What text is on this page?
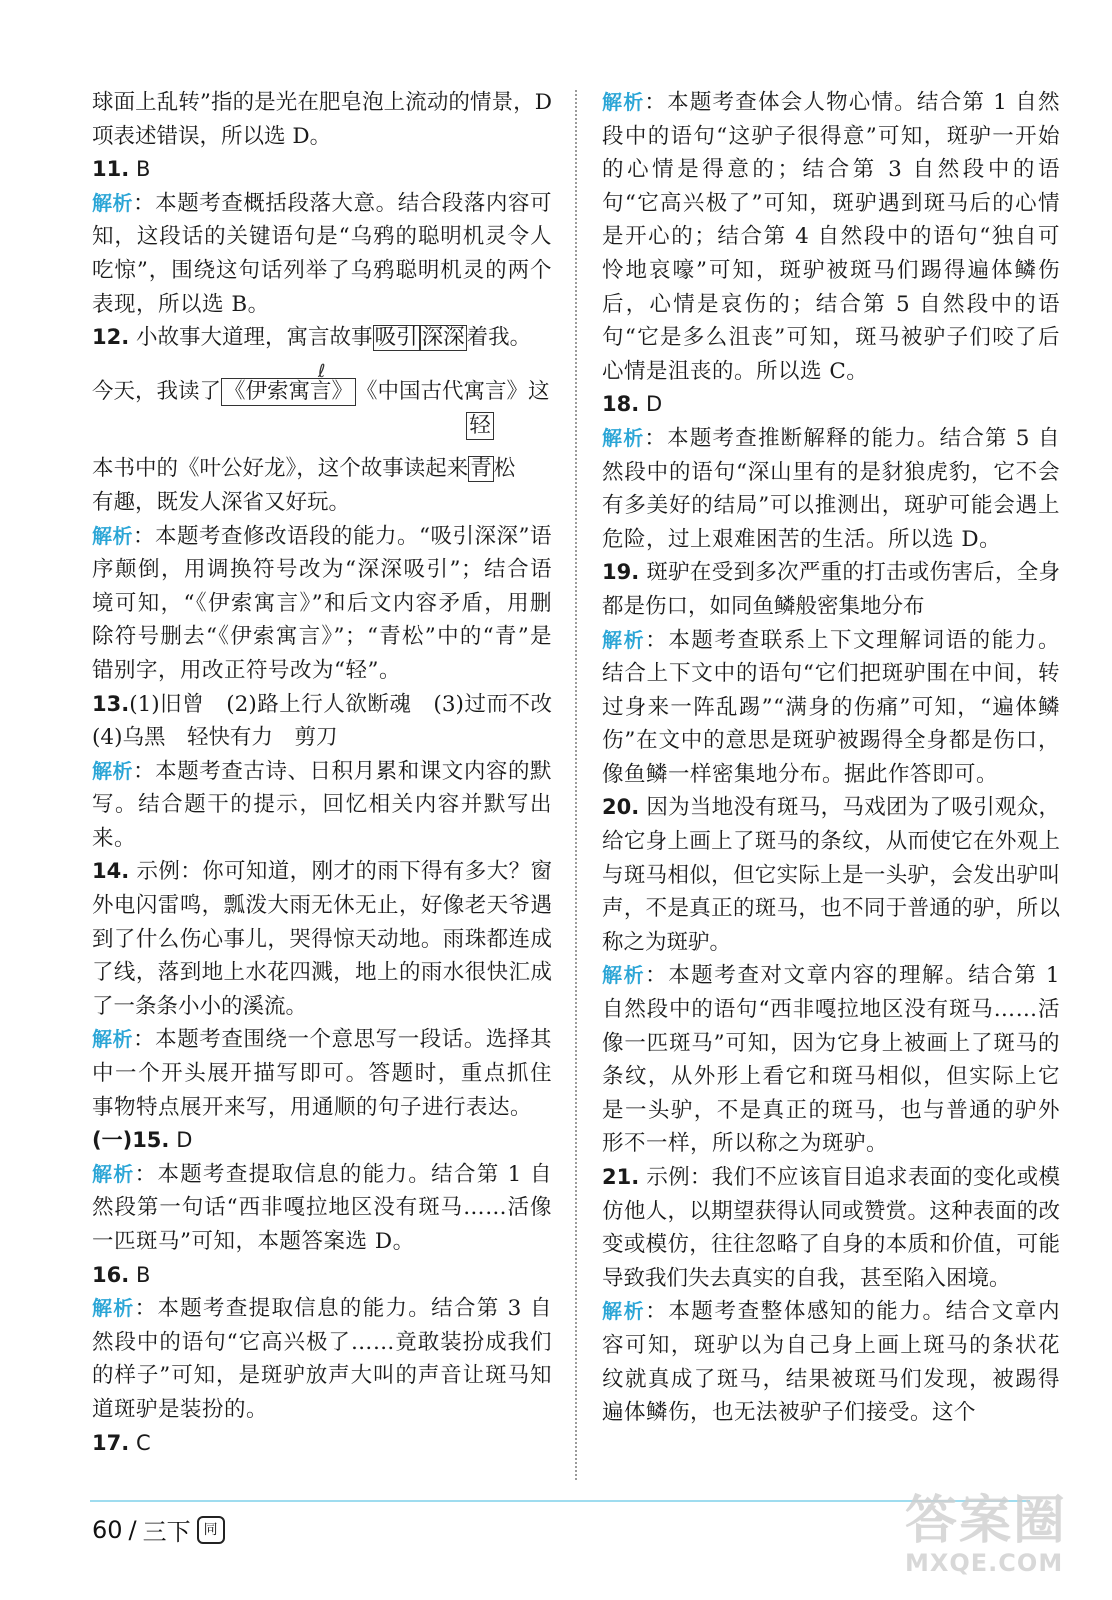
球面上乱转”指的是光在肥皂泡上流动的情景，D 项表述错误，所以选 D。

11. B

解析：本题考查概括段落大意。结合段落内容可知，这段话的关键语句是“乌鸦的聪明机灵令人吃惊”，围绕这句话列举了乌鸦聪明机灵的两个表现，所以选 B。

12. 小故事大道理，寓言故事吸引 深深着我。

今天，我读了 《伊索寓言》
ℓ
《中国古代寓言》这

本书中的《叶公好龙》，这个故事读起来青
轻
松

有趣，既发人深省又好玩。

解析：本题考查修改语段的能力。“吸引深深”语序颠倒，用调换符号改为“深深吸引”；结合语境可知，“《伊索寓言》”和后文内容矛盾，用删除符号删去“《伊索寓言》”；“青松”中的“青”是错别字，用改正符号改为“轻”。

13.(1)旧曾　(2)路上行人欲断魂　(3)过而不改　(4)乌黑　轻快有力　剪刀

解析：本题考查古诗、日积月累和课文内容的默写。结合题干的提示，回忆相关内容并默写出来。

14. 示例：你可知道，刚才的雨下得有多大？窗外电闪雷鸣，瓢泼大雨无休无止，好像老天爷遇到了什么伤心事儿，哭得惊天动地。雨珠都连成了线，落到地上水花四溅，地上的雨水很快汇成了一条条小小的溪流。

解析：本题考查围绕一个意思写一段话。选择其中一个开头展开描写即可。答题时，重点抓住事物特点展开来写，用通顺的句子进行表达。

(一)15. D

解析：本题考查提取信息的能力。结合第 1 自然段第一句话“西非嘎拉地区没有斑马……活像一匹斑马”可知，本题答案选 D。

16. B

解析：本题考查提取信息的能力。结合第 3 自然段中的语句“它高兴极了……竟敢装扮成我们的样子”可知，是斑驴放声大叫的声音让斑马知道斑驴是装扮的。

17. C

解析：本题考查体会人物心情。结合第 1 自然段中的语句“这驴子很得意”可知，斑驴一开始的心情是得意的；结合第 3 自然段中的语句“它高兴极了”可知，斑驴遇到斑马后的心情是开心的；结合第 4 自然段中的语句“独自可怜地哀嚎”可知，斑驴被斑马们踢得遍体鳞伤后，心情是哀伤的；结合第 5 自然段中的语句“它是多么沮丧”可知，斑马被驴子们咬了后心情是沮丧的。所以选 C。

18. D

解析：本题考查推断解释的能力。结合第 5 自然段中的语句“深山里有的是豺狼虎豹，它不会有多美好的结局”可以推测出，斑驴可能会遇上危险，过上艰难困苦的生活。所以选 D。

19. 斑驴在受到多次严重的打击或伤害后，全身都是伤口，如同鱼鳞般密集地分布

解析：本题考查联系上下文理解词语的能力。结合上下文中的语句“它们把斑驴围在中间，转过身来一阵乱踢”“满身的伤痛”可知，“遍体鳞伤”在文中的意思是斑驴被踢得全身都是伤口，像鱼鳞一样密集地分布。据此作答即可。

20. 因为当地没有斑马，马戏团为了吸引观众，给它身上画上了斑马的条纹，从而使它在外观上与斑马相似，但它实际上是一头驴，会发出驴叫声，不是真正的斑马，也不同于普通的驴，所以称之为斑驴。

解析：本题考查对文章内容的理解。结合第 1 自然段中的语句“西非嘎拉地区没有斑马……活像一匹斑马”可知，因为它身上被画上了斑马的条纹，从外形上看它和斑马相似，但实际上它是一头驴，不是真正的斑马，也与普通的驴外形不一样，所以称之为斑驴。

21. 示例：我们不应该盲目追求表面的变化或模仿他人，以期望获得认同或赞赏。这种表面的改变或模仿，往往忽略了自身的本质和价值，可能导致我们失去真实的自我，甚至陷入困境。

解析：本题考查整体感知的能力。结合文章内容可知，斑驴以为自己身上画上斑马的条状花纹就真成了斑马，结果被斑马们发现，被踢得遍体鳞伤，也无法被驴子们接受。这个

60 / 三下 同	答案圈
MXQE.COM
